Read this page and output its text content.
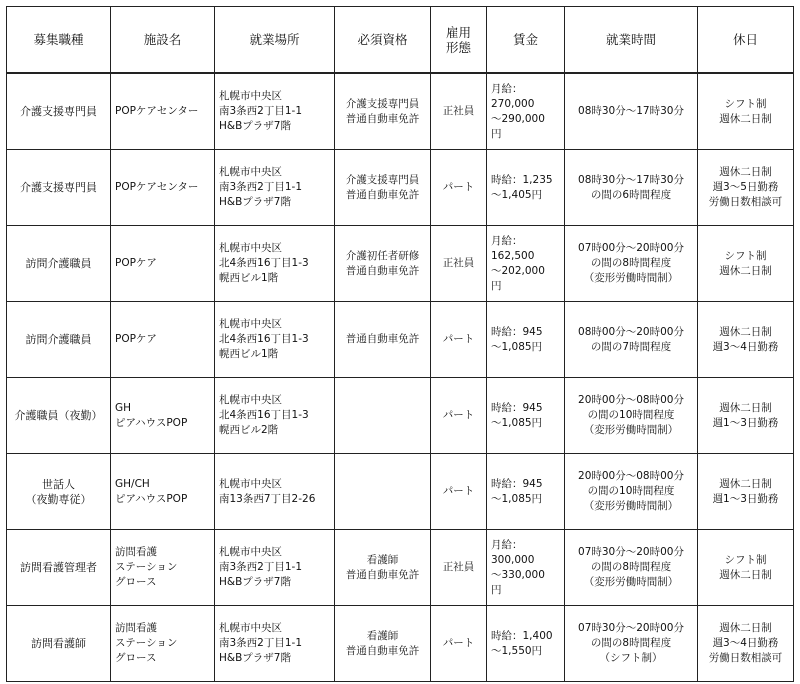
募集職種	施設名	就業場所	必須資格	雇用
形態	賃金	就業時間	休日

介護支援専門員	POPケアセンター	札幌市中央区
南3条西2丁目1-1
H&Bプラザ7階	介護支援専門員
普通自動車免許	正社員	月給：
270,000
～290,000
円	08時30分～17時30分	シフト制
週休二日制

介護支援専門員	POPケアセンター	札幌市中央区
南3条西2丁目1-1
H&Bプラザ7階	介護支援専門員
普通自動車免許	パート	時給：1,235
～1,405円	08時30分～17時30分
の間の6時間程度	週休二日制
週3～5日勤務
労働日数相談可

訪問介護職員	POPケア	札幌市中央区
北4条西16丁目1-3
幌西ビル1階	介護初任者研修
普通自動車免許	正社員	月給：
162,500
～202,000
円	07時00分～20時00分
の間の8時間程度
（変形労働時間制）	シフト制
週休二日制

訪問介護職員	POPケア	札幌市中央区
北4条西16丁目1-3
幌西ビル1階	普通自動車免許	パート	時給：945
～1,085円	08時00分～20時00分
の間の7時間程度	週休二日制
週3～4日勤務

介護職員（夜勤）	GH
ピアハウスPOP	札幌市中央区
北4条西16丁目1-3
幌西ビル2階		パート	時給：945
～1,085円	20時00分～08時00分
の間の10時間程度
（変形労働時間制）	週休二日制
週1～3日勤務

世話人
（夜勤専従）	GH/CH
ピアハウスPOP	札幌市中央区
南13条西7丁目2-26		パート	時給：945
～1,085円	20時00分～08時00分
の間の10時間程度
（変形労働時間制）	週休二日制
週1～3日勤務

訪問看護管理者	訪問看護
ステーション
グロース	札幌市中央区
南3条西2丁目1-1
H&Bプラザ7階	看護師
普通自動車免許	正社員	月給：
300,000
～330,000
円	07時30分～20時00分
の間の8時間程度
（変形労働時間制）	シフト制
週休二日制

訪問看護師	訪問看護
ステーション
グロース	札幌市中央区
南3条西2丁目1-1
H&Bプラザ7階	看護師
普通自動車免許	パート	時給：1,400
～1,550円	07時30分～20時00分
の間の8時間程度
（シフト制）	週休二日制
週3～4日勤務
労働日数相談可
